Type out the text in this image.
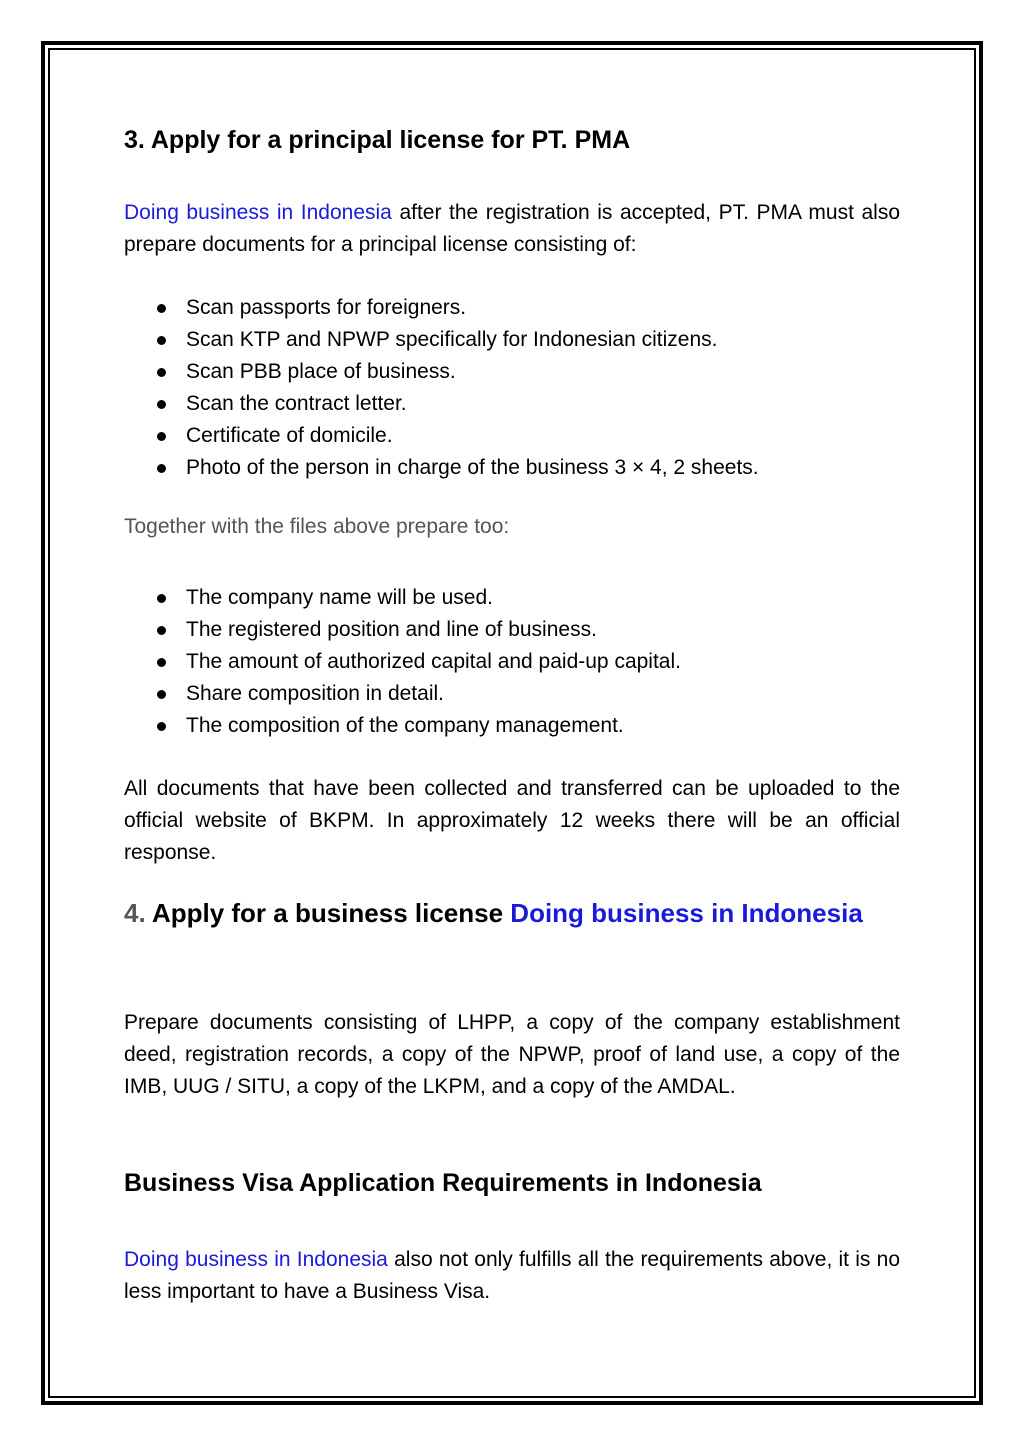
3. Apply for a principal license for PT. PMA

Doing business in Indonesia after the registration is accepted, PT. PMA must also prepare documents for a principal license consisting of:

Scan passports for foreigners.
Scan KTP and NPWP specifically for Indonesian citizens.
Scan PBB place of business.
Scan the contract letter.
Certificate of domicile.
Photo of the person in charge of the business 3 × 4, 2 sheets.

Together with the files above prepare too:

The company name will be used.
The registered position and line of business.
The amount of authorized capital and paid-up capital.
Share composition in detail.
The composition of the company management.

All documents that have been collected and transferred can be uploaded to the official website of BKPM. In approximately 12 weeks there will be an official response.

4. Apply for a business license Doing business in Indonesia

Prepare documents consisting of LHPP, a copy of the company establishment deed, registration records, a copy of the NPWP, proof of land use, a copy of the IMB, UUG / SITU, a copy of the LKPM, and a copy of the AMDAL.

Business Visa Application Requirements in Indonesia

Doing business in Indonesia also not only fulfills all the requirements above, it is no less important to have a Business Visa.
